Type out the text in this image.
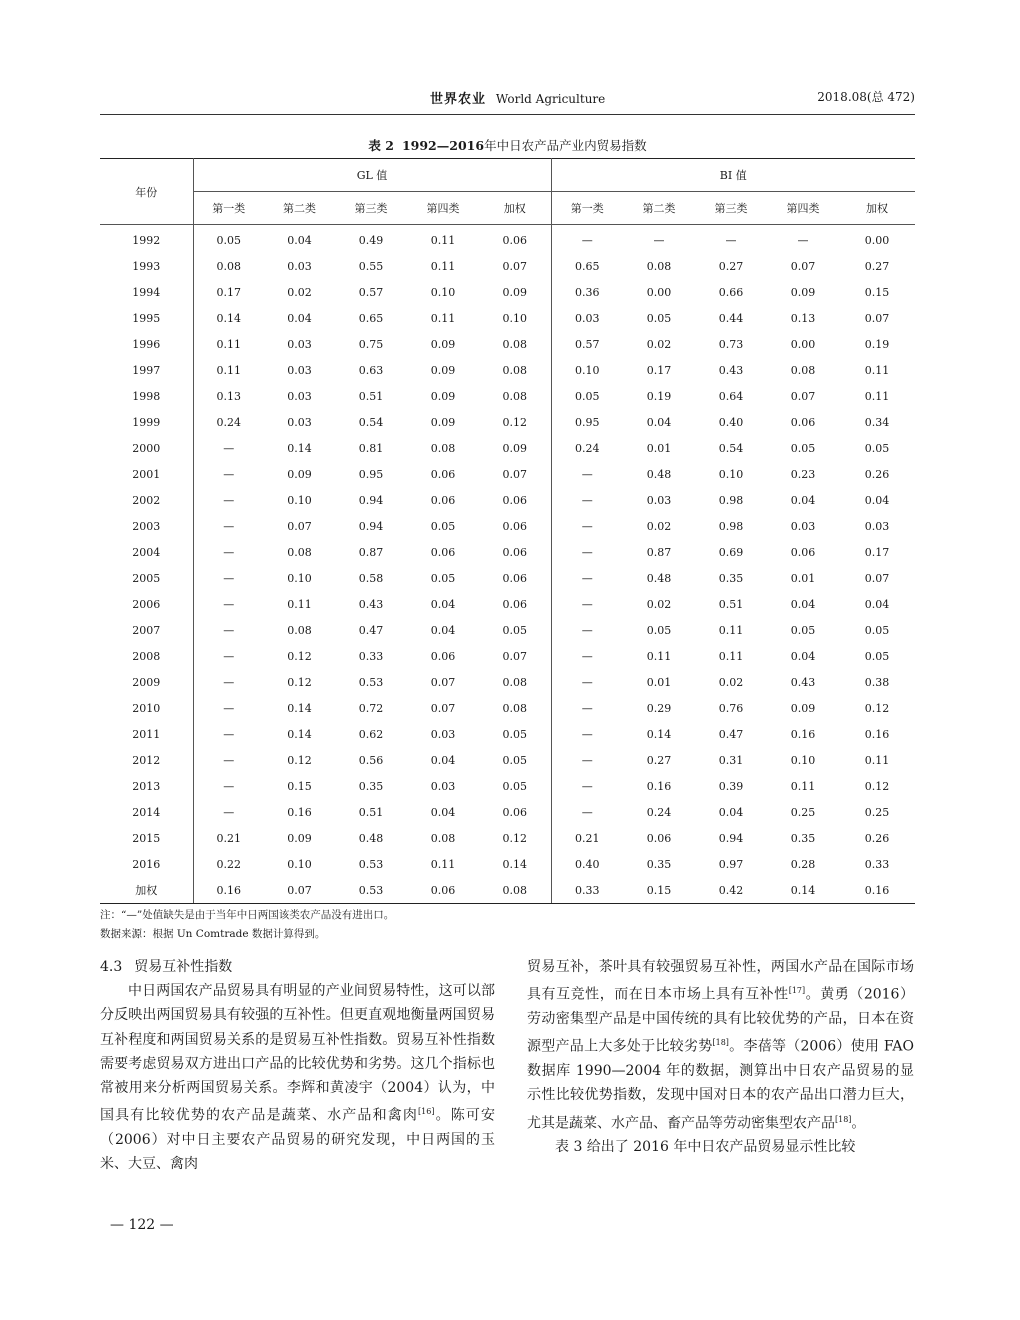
世界农业 World Agriculture	2018.08(总 472)
表 2 1992—2016年中日农产品产业内贸易指数
年份	GL 值					BI 值				
	第一类	第二类	第三类	第四类	加权	第一类	第二类	第三类	第四类	加权
1992	0.05	0.04	0.49	0.11	0.06	—	—	—	—	0.00
1993	0.08	0.03	0.55	0.11	0.07	0.65	0.08	0.27	0.07	0.27
1994	0.17	0.02	0.57	0.10	0.09	0.36	0.00	0.66	0.09	0.15
1995	0.14	0.04	0.65	0.11	0.10	0.03	0.05	0.44	0.13	0.07
1996	0.11	0.03	0.75	0.09	0.08	0.57	0.02	0.73	0.00	0.19
1997	0.11	0.03	0.63	0.09	0.08	0.10	0.17	0.43	0.08	0.11
1998	0.13	0.03	0.51	0.09	0.08	0.05	0.19	0.64	0.07	0.11
1999	0.24	0.03	0.54	0.09	0.12	0.95	0.04	0.40	0.06	0.34
2000	—	0.14	0.81	0.08	0.09	0.24	0.01	0.54	0.05	0.05
2001	—	0.09	0.95	0.06	0.07	—	0.48	0.10	0.23	0.26
2002	—	0.10	0.94	0.06	0.06	—	0.03	0.98	0.04	0.04
2003	—	0.07	0.94	0.05	0.06	—	0.02	0.98	0.03	0.03
2004	—	0.08	0.87	0.06	0.06	—	0.87	0.69	0.06	0.17
2005	—	0.10	0.58	0.05	0.06	—	0.48	0.35	0.01	0.07
2006	—	0.11	0.43	0.04	0.06	—	0.02	0.51	0.04	0.04
2007	—	0.08	0.47	0.04	0.05	—	0.05	0.11	0.05	0.05
2008	—	0.12	0.33	0.06	0.07	—	0.11	0.11	0.04	0.05
2009	—	0.12	0.53	0.07	0.08	—	0.01	0.02	0.43	0.38
2010	—	0.14	0.72	0.07	0.08	—	0.29	0.76	0.09	0.12
2011	—	0.14	0.62	0.03	0.05	—	0.14	0.47	0.16	0.16
2012	—	0.12	0.56	0.04	0.05	—	0.27	0.31	0.10	0.11
2013	—	0.15	0.35	0.03	0.05	—	0.16	0.39	0.11	0.12
2014	—	0.16	0.51	0.04	0.06	—	0.24	0.04	0.25	0.25
2015	0.21	0.09	0.48	0.08	0.12	0.21	0.06	0.94	0.35	0.26
2016	0.22	0.10	0.53	0.11	0.14	0.40	0.35	0.97	0.28	0.33
加权	0.16	0.07	0.53	0.06	0.08	0.33	0.15	0.42	0.14	0.16
注：“—”处值缺失是由于当年中日两国该类农产品没有进出口。
数据来源：根据 Un Comtrade 数据计算得到。
4.3 贸易互补性指数

中日两国农产品贸易具有明显的产业间贸易特性，这可以部分反映出两国贸易具有较强的互补性。但更直观地衡量两国贸易互补程度和两国贸易关系的是贸易互补性指数。贸易互补性指数需要考虑贸易双方进出口产品的比较优势和劣势。这几个指标也常被用来分析两国贸易关系。李辉和黄凌宇（2004）认为，中国具有比较优势的农产品是蔬菜、水产品和禽肉[16]。陈可安（2006）对中日主要农产品贸易的研究发现，中日两国的玉米、大豆、禽肉

贸易互补，茶叶具有较强贸易互补性，两国水产品在国际市场具有互竞性，而在日本市场上具有互补性[17]。黄勇（2016）劳动密集型产品是中国传统的具有比较优势的产品，日本在资源型产品上大多处于比较劣势[18]。李蓓等（2006）使用 FAO 数据库 1990—2004 年的数据，测算出中日农产品贸易的显示性比较优势指数，发现中国对日本的农产品出口潜力巨大，尤其是蔬菜、水产品、畜产品等劳动密集型农产品[18]。

表 3 给出了 2016 年中日农产品贸易显示性比较

— 122 —
